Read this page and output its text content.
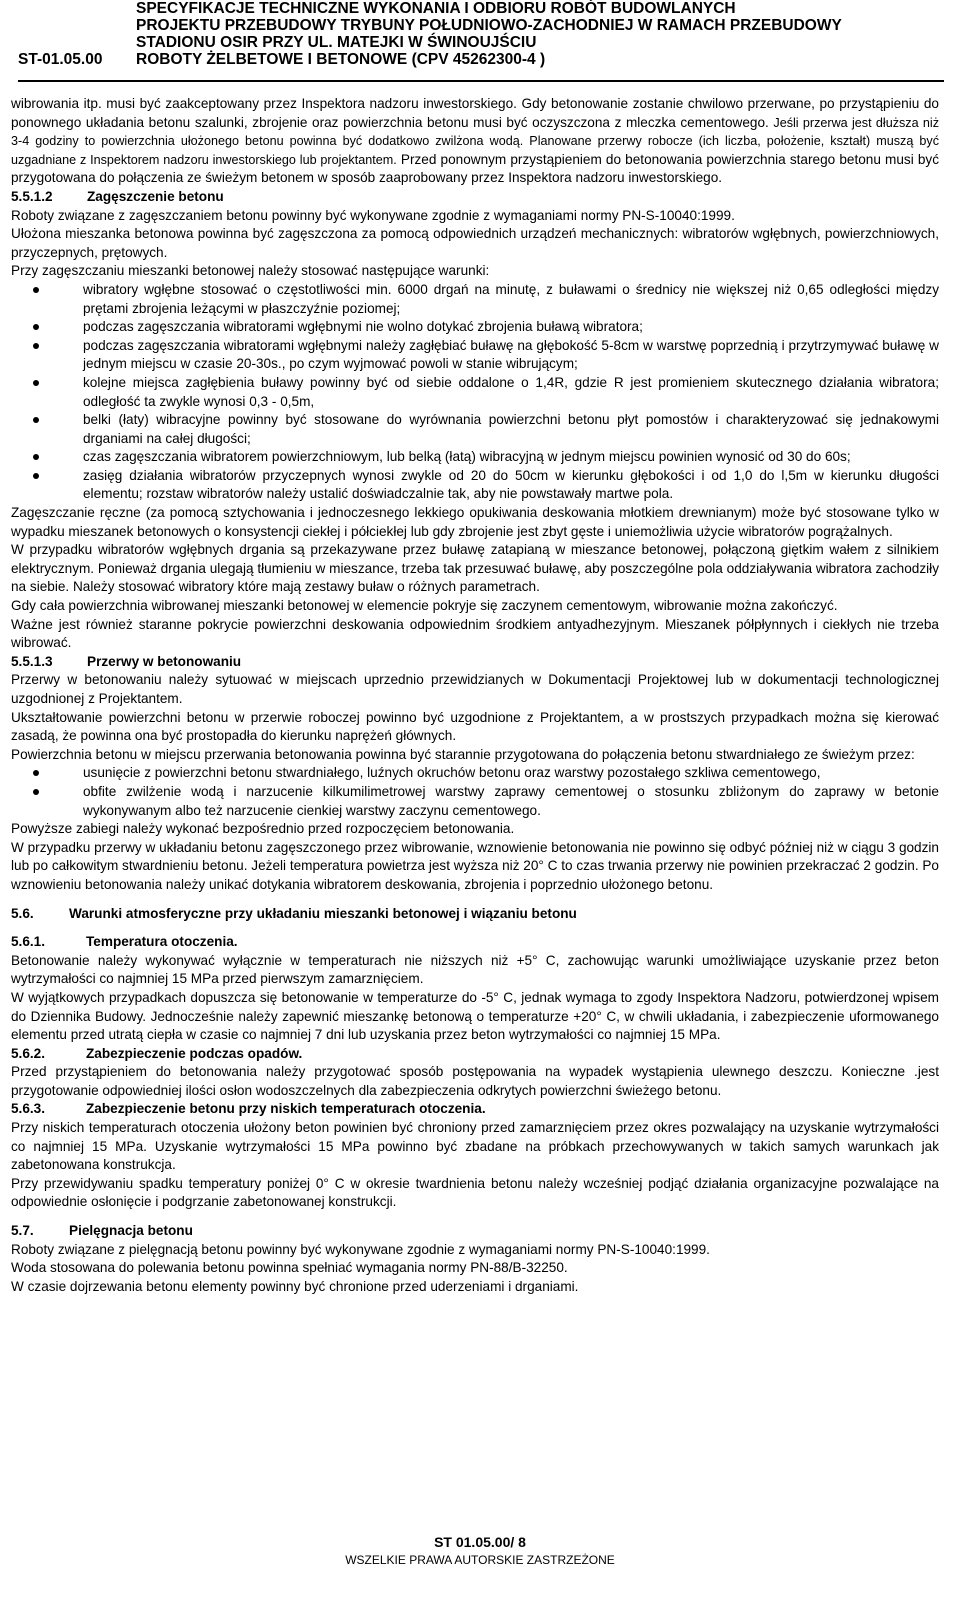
SPECYFIKACJE TECHNICZNE WYKONANIA I ODBIORU ROBÓT BUDOWLANYCH
PROJEKTU PRZEBUDOWY TRYBUNY POŁUDNIOWO-ZACHODNIEJ W RAMACH PRZEBUDOWY
STADIONU OSIR PRZY UL. MATEJKI W ŚWINOUJŚCIU
ST-01.05.00	ROBOTY ŻELBETOWE I BETONOWE (CPV 45262300-4 )

wibrowania itp. musi być zaakceptowany przez Inspektora nadzoru inwestorskiego. Gdy betonowanie zostanie chwilowo przerwane, po przystąpieniu do ponownego układania betonu szalunki, zbrojenie oraz powierzchnia betonu musi być oczyszczona z mleczka cementowego. Jeśli przerwa jest dłuższa niż 3-4 godziny to powierzchnia ułożonego betonu powinna być dodatkowo zwilżona wodą. Planowane przerwy robocze (ich liczba, położenie, kształt) muszą być uzgadniane z Inspektorem nadzoru inwestorskiego lub projektantem. Przed ponownym przystąpieniem do betonowania powierzchnia starego betonu musi być przygotowana do połączenia ze świeżym betonem w sposób zaaprobowany przez Inspektora nadzoru inwestorskiego.

5.5.1.2	Zagęszczenie betonu

Roboty związane z zagęszczaniem betonu powinny być wykonywane zgodnie z wymaganiami normy PN-S-10040:1999.

Ułożona mieszanka betonowa powinna być zagęszczona za pomocą odpowiednich urządzeń mechanicznych: wibratorów wgłębnych, powierzchniowych, przyczepnych, prętowych.

Przy zagęszczaniu mieszanki betonowej należy stosować następujące warunki:

wibratory wgłębne stosować o częstotliwości min. 6000 drgań na minutę, z buławami o średnicy nie większej niż 0,65 odległości między prętami zbrojenia leżącymi w płaszczyźnie poziomej;
podczas zagęszczania wibratorami wgłębnymi nie wolno dotykać zbrojenia buławą wibratora;
podczas zagęszczania wibratorami wgłębnymi należy zagłębiać buławę na głębokość 5-8cm w warstwę poprzednią i przytrzymywać buławę w jednym miejscu w czasie 20-30s., po czym wyjmować powoli w stanie wibrującym;
kolejne miejsca zagłębienia buławy powinny być od siebie oddalone o 1,4R, gdzie R jest promieniem skutecznego działania wibratora; odległość ta zwykle wynosi 0,3 - 0,5m,
belki (łaty) wibracyjne powinny być stosowane do wyrównania powierzchni betonu płyt pomostów i charakteryzować się jednakowymi drganiami na całej długości;
czas zagęszczania wibratorem powierzchniowym, lub belką (łatą) wibracyjną w jednym miejscu powinien wynosić od 30 do 60s;
zasięg działania wibratorów przyczepnych wynosi zwykle od 20 do 50cm w kierunku głębokości i od 1,0 do l,5m w kierunku długości elementu; rozstaw wibratorów należy ustalić doświadczalnie tak, aby nie powstawały martwe pola.

Zagęszczanie ręczne (za pomocą sztychowania i jednoczesnego lekkiego opukiwania deskowania młotkiem drewnianym) może być stosowane tylko w wypadku mieszanek betonowych o konsystencji ciekłej i półciekłej lub gdy zbrojenie jest zbyt gęste i uniemożliwia użycie wibratorów pogrążalnych.

W przypadku wibratorów wgłębnych drgania są przekazywane przez buławę zatapianą w mieszance betonowej, połączoną giętkim wałem z silnikiem elektrycznym. Ponieważ drgania ulegają tłumieniu w mieszance, trzeba tak przesuwać buławę, aby poszczególne pola oddziaływania wibratora zachodziły na siebie. Należy stosować wibratory które mają zestawy buław o różnych parametrach.

Gdy cała powierzchnia wibrowanej mieszanki betonowej w elemencie pokryje się zaczynem cementowym, wibrowanie można zakończyć.

Ważne jest również staranne pokrycie powierzchni deskowania odpowiednim środkiem antyadhezyjnym. Mieszanek półpłynnych i ciekłych nie trzeba wibrować.

5.5.1.3	Przerwy w betonowaniu

Przerwy w betonowaniu należy sytuować w miejscach uprzednio przewidzianych w Dokumentacji Projektowej lub w dokumentacji technologicznej uzgodnionej z Projektantem.

Ukształtowanie powierzchni betonu w przerwie roboczej powinno być uzgodnione z Projektantem, a w prostszych przypadkach można się kierować zasadą, że powinna ona być prostopadła do kierunku naprężeń głównych.

Powierzchnia betonu w miejscu przerwania betonowania powinna być starannie przygotowana do połączenia betonu stwardniałego ze świeżym przez:

usunięcie z powierzchni betonu stwardniałego, luźnych okruchów betonu oraz warstwy pozostałego szkliwa cementowego,
obfite zwilżenie wodą i narzucenie kilkumilimetrowej warstwy zaprawy cementowej o stosunku zbliżonym do zaprawy w betonie wykonywanym albo też narzucenie cienkiej warstwy zaczynu cementowego.

Powyższe zabiegi należy wykonać bezpośrednio przed rozpoczęciem betonowania.

W przypadku przerwy w układaniu betonu zagęszczonego przez wibrowanie, wznowienie betonowania nie powinno się odbyć później niż w ciągu 3 godzin lub po całkowitym stwardnieniu betonu. Jeżeli temperatura powietrza jest wyższa niż 20° C to czas trwania przerwy nie powinien przekraczać 2 godzin. Po wznowieniu betonowania należy unikać dotykania wibratorem deskowania, zbrojenia i poprzednio ułożonego betonu.

5.6.	Warunki atmosferyczne przy układaniu mieszanki betonowej i wiązaniu betonu

5.6.1.	Temperatura otoczenia.

Betonowanie należy wykonywać wyłącznie w temperaturach nie niższych niż +5° C, zachowując warunki umożliwiające uzyskanie przez beton wytrzymałości co najmniej 15 MPa przed pierwszym zamarznięciem.

W wyjątkowych przypadkach dopuszcza się betonowanie w temperaturze do -5° C, jednak wymaga to zgody Inspektora Nadzoru, potwierdzonej wpisem do Dziennika Budowy. Jednocześnie należy zapewnić mieszankę betonową o temperaturze +20° C, w chwili układania, i zabezpieczenie uformowanego elementu przed utratą ciepła w czasie co najmniej 7 dni lub uzyskania przez beton wytrzymałości co najmniej 15 MPa.

5.6.2.	Zabezpieczenie podczas opadów.

Przed przystąpieniem do betonowania należy przygotować sposób postępowania na wypadek wystąpienia ulewnego deszczu. Konieczne .jest przygotowanie odpowiedniej ilości osłon wodoszczelnych dla zabezpieczenia odkrytych powierzchni świeżego betonu.

5.6.3.	Zabezpieczenie betonu przy niskich temperaturach otoczenia.

Przy niskich temperaturach otoczenia ułożony beton powinien być chroniony przed zamarznięciem przez okres pozwalający na uzyskanie wytrzymałości co najmniej 15 MPa. Uzyskanie wytrzymałości 15 MPa powinno być zbadane na próbkach przechowywanych w takich samych warunkach jak zabetonowana konstrukcja.

Przy przewidywaniu spadku temperatury poniżej 0° C w okresie twardnienia betonu należy wcześniej podjąć działania organizacyjne pozwalające na odpowiednie osłonięcie i podgrzanie zabetonowanej konstrukcji.

5.7.	Pielęgnacja betonu

Roboty związane z pielęgnacją betonu powinny być wykonywane zgodnie z wymaganiami normy PN-S-10040:1999.

Woda stosowana do polewania betonu powinna spełniać wymagania normy PN-88/B-32250.

W czasie dojrzewania betonu elementy powinny być chronione przed uderzeniami i drganiami.

ST 01.05.00/ 8
WSZELKIE PRAWA AUTORSKIE ZASTRZEŻONE
